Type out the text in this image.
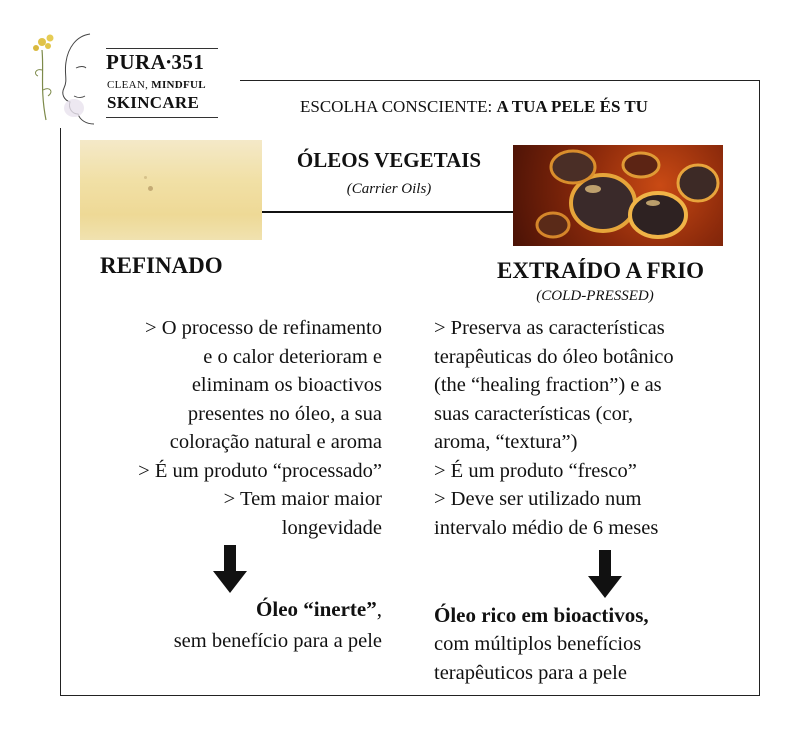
PURA•351
CLEAN, MINDFUL
SKINCARE	ESCOLHA CONSCIENTE: A TUA PELE ÉS TU
ÓLEOS VEGETAIS
(Carrier Oils)
REFINADO	EXTRAÍDO A FRIO
(COLD-PRESSED)
> O processo de refinamento
e o calor deterioram e
eliminam os bioactivos
presentes no óleo, a sua
coloração natural e aroma
> É um produto “processado”
> Tem maior maior
longevidade
> Preserva as características
terapêuticas do óleo botânico
(the “healing fraction”) e as
suas características (cor,
aroma, “textura”)
> É um produto “fresco”
> Deve ser utilizado num
intervalo médio de 6 meses
Óleo “inerte”,
sem benefício para a pele
Óleo rico em bioactivos,
com múltiplos benefícios
terapêuticos para a pele
